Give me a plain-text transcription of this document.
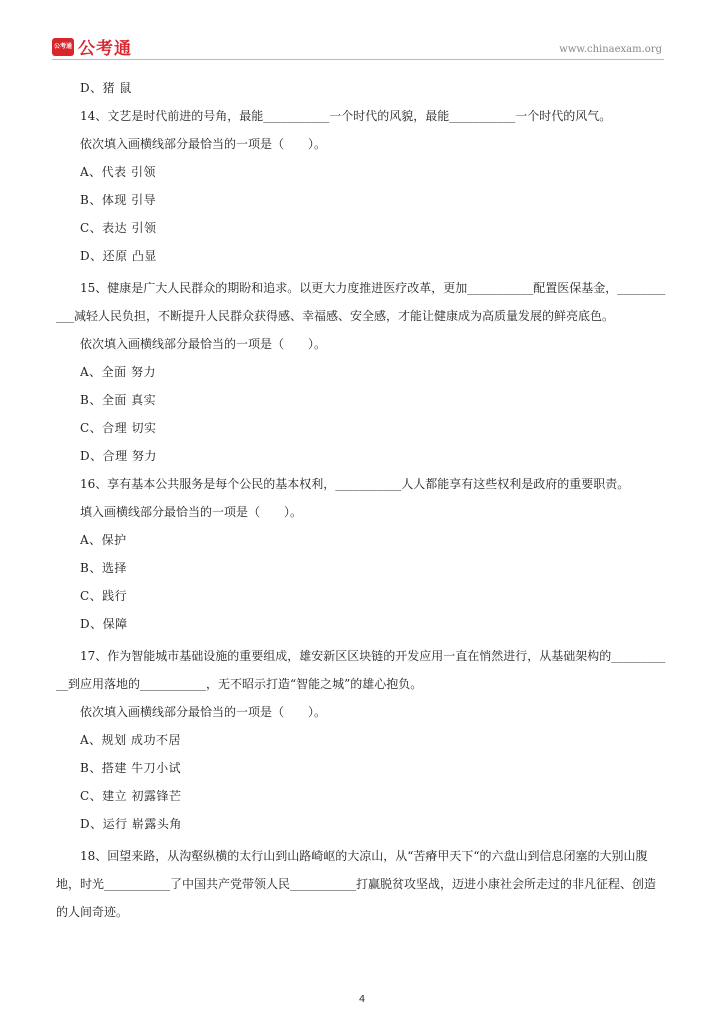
公考通 公考通	www.chinaexam.org
D、猪 鼠
14、文艺是时代前进的号角，最能___________一个时代的风貌，最能___________一个时代的风气。
依次填入画横线部分最恰当的一项是（　　）。
A、代表 引领
B、体现 引导
C、表达 引领
D、还原 凸显
15、健康是广大人民群众的期盼和追求。以更大力度推进医疗改革，更加___________配置医保基金，___________减轻人民负担，不断提升人民群众获得感、幸福感、安全感，才能让健康成为高质量发展的鲜亮底色。
依次填入画横线部分最恰当的一项是（　　）。
A、全面 努力
B、全面 真实
C、合理 切实
D、合理 努力
16、享有基本公共服务是每个公民的基本权利，___________人人都能享有这些权利是政府的重要职责。
填入画横线部分最恰当的一项是（　　）。
A、保护
B、选择
C、践行
D、保障
17、作为智能城市基础设施的重要组成，雄安新区区块链的开发应用一直在悄然进行，从基础架构的___________到应用落地的___________，无不昭示打造“智能之城”的雄心抱负。
依次填入画横线部分最恰当的一项是（　　）。
A、规划 成功不居
B、搭建 牛刀小试
C、建立 初露锋芒
D、运行 崭露头角
18、回望来路，从沟壑纵横的太行山到山路崎岖的大凉山，从“苦瘠甲天下“的六盘山到信息闭塞的大别山腹地，时光___________了中国共产党带领人民___________打赢脱贫攻坚战，迈进小康社会所走过的非凡征程、创造的人间奇迹。
4
